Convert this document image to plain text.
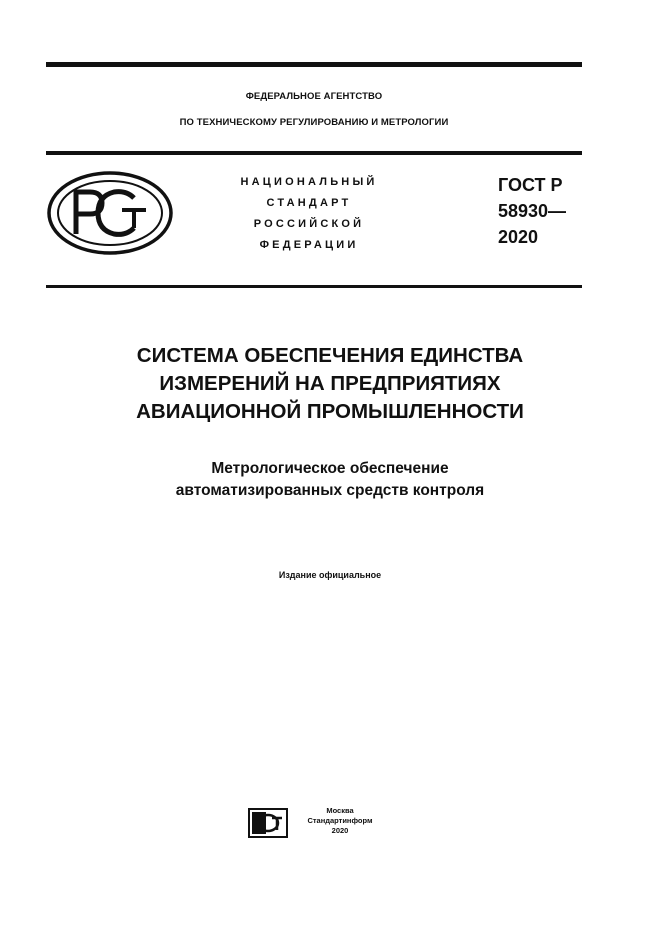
ФЕДЕРАЛЬНОЕ АГЕНТСТВО
ПО ТЕХНИЧЕСКОМУ РЕГУЛИРОВАНИЮ И МЕТРОЛОГИИ
НАЦИОНАЛЬНЫЙ
СТАНДАРТ
РОССИЙСКОЙ
ФЕДЕРАЦИИ
ГОСТ Р
58930—
2020
СИСТЕМА ОБЕСПЕЧЕНИЯ ЕДИНСТВА
ИЗМЕРЕНИЙ НА ПРЕДПРИЯТИЯХ
АВИАЦИОННОЙ ПРОМЫШЛЕННОСТИ
Метрологическое обеспечение
автоматизированных средств контроля
Издание официальное
Москва
Стандартинформ
2020
